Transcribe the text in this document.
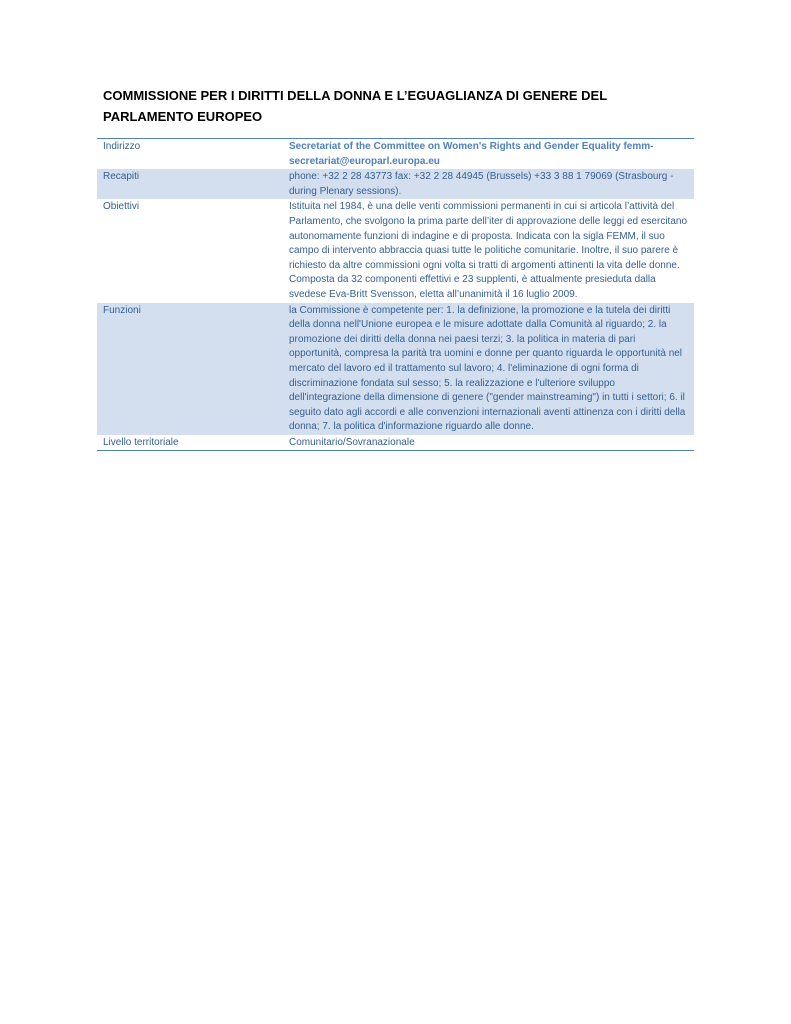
COMMISSIONE PER I DIRITTI DELLA DONNA E L’EGUAGLIANZA DI GENERE DEL PARLAMENTO EUROPEO
Indirizzo	Secretariat of the Committee on Women's Rights and Gender Equality femm-secretariat@europarl.europa.eu
Recapiti	phone: +32 2 28 43773 fax: +32 2 28 44945 (Brussels) +33 3 88 1 79069 (Strasbourg - during Plenary sessions).
Obiettivi	Istituita nel 1984, è una delle venti commissioni permanenti in cui si articola l’attività del Parlamento, che svolgono la prima parte dell’iter di approvazione delle leggi ed esercitano autonomamente funzioni di indagine e di proposta. Indicata con la sigla FEMM, il suo campo di intervento abbraccia quasi tutte le politiche comunitarie. Inoltre, il suo parere è richiesto da altre commissioni ogni volta si tratti di argomenti attinenti la vita delle donne. Composta da 32 componenti effettivi e 23 supplenti, è attualmente presieduta dalla svedese Eva-Britt Svensson, eletta all’unanimità il 16 luglio 2009.
Funzioni	la Commissione è competente per: 1. la definizione, la promozione e la tutela dei diritti della donna nell'Unione europea e le misure adottate dalla Comunità al riguardo; 2. la promozione dei diritti della donna nei paesi terzi; 3. la politica in materia di pari opportunità, compresa la parità tra uomini e donne per quanto riguarda le opportunità nel mercato del lavoro ed il trattamento sul lavoro; 4. l'eliminazione di ogni forma di discriminazione fondata sul sesso; 5. la realizzazione e l'ulteriore sviluppo dell'integrazione della dimensione di genere ("gender mainstreaming") in tutti i settori; 6. il seguito dato agli accordi e alle convenzioni internazionali aventi attinenza con i diritti della donna; 7. la politica d'informazione riguardo alle donne.
Livello territoriale	Comunitario/Sovranazionale
